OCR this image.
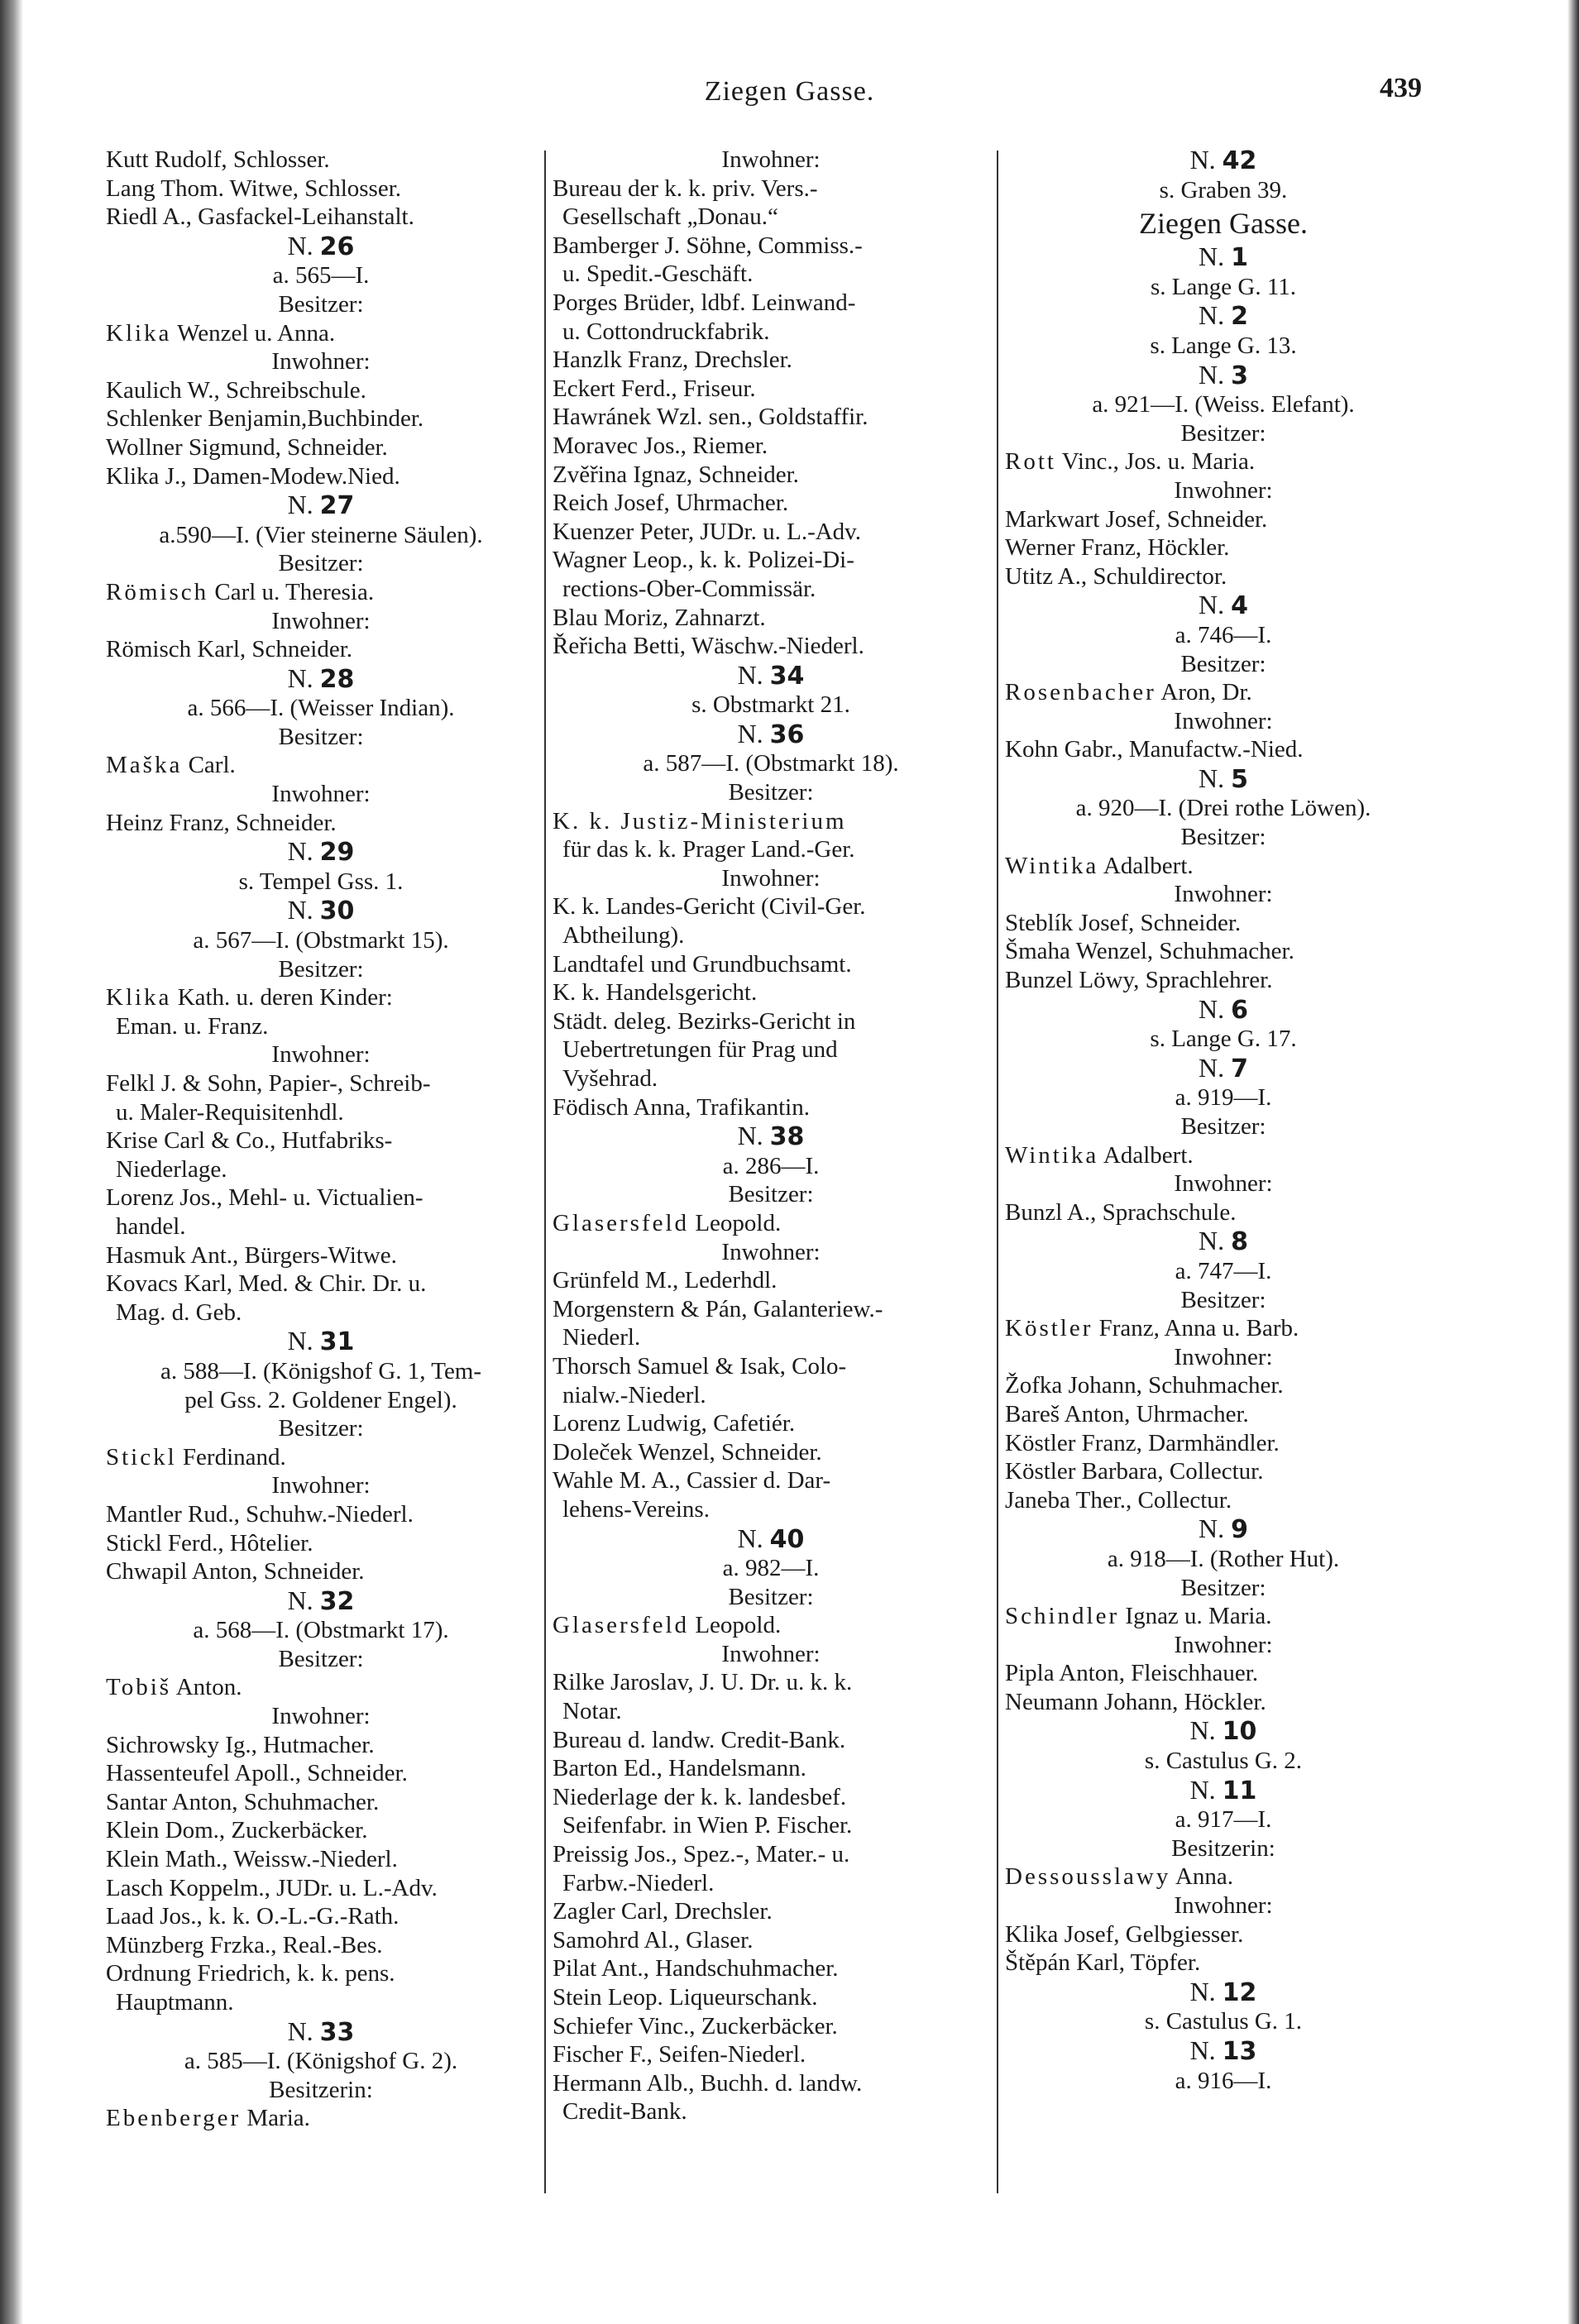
Ziegen Gasse.	439
Kutt Rudolf, Schlosser.
Lang Thom. Witwe, Schlosser.
Riedl A., Gasfackel-Leihanstalt.
N. 26
a. 565—I.
Besitzer:
Klika Wenzel u. Anna.
Inwohner:
Kaulich W., Schreibschule.
Schlenker Benjamin,Buchbinder.
Wollner Sigmund, Schneider.
Klika J., Damen-Modew.Nied.
N. 27
a.590—I. (Vier steinerne Säulen).
Besitzer:
Römisch Carl u. Theresia.
Inwohner:
Römisch Karl, Schneider.
N. 28
a. 566—I. (Weisser Indian).
Besitzer:
Maška Carl.
Inwohner:
Heinz Franz, Schneider.
N. 29
s. Tempel Gss. 1.
N. 30
a. 567—I. (Obstmarkt 15).
Besitzer:
Klika Kath. u. deren Kinder:
Eman. u. Franz.
Inwohner:
Felkl J. & Sohn, Papier-, Schreib-
u. Maler-Requisitenhdl.
Krise Carl & Co., Hutfabriks-
Niederlage.
Lorenz Jos., Mehl- u. Victualien-
handel.
Hasmuk Ant., Bürgers-Witwe.
Kovacs Karl, Med. & Chir. Dr. u.
Mag. d. Geb.
N. 31
a. 588—I. (Königshof G. 1, Tem-
pel Gss. 2. Goldener Engel).
Besitzer:
Stickl Ferdinand.
Inwohner:
Mantler Rud., Schuhw.-Niederl.
Stickl Ferd., Hôtelier.
Chwapil Anton, Schneider.
N. 32
a. 568—I. (Obstmarkt 17).
Besitzer:
Tobiš Anton.
Inwohner:
Sichrowsky Ig., Hutmacher.
Hassenteufel Apoll., Schneider.
Santar Anton, Schuhmacher.
Klein Dom., Zuckerbäcker.
Klein Math., Weissw.-Niederl.
Lasch Koppelm., JUDr. u. L.-Adv.
Laad Jos., k. k. O.-L.-G.-Rath.
Münzberg Frzka., Real.-Bes.
Ordnung Friedrich, k. k. pens.
Hauptmann.
N. 33
a. 585—I. (Königshof G. 2).
Besitzerin:
Ebenberger Maria.
Inwohner:
Bureau der k. k. priv. Vers.-
Gesellschaft „Donau.“
Bamberger J. Söhne, Commiss.-
u. Spedit.-Geschäft.
Porges Brüder, ldbf. Leinwand-
u. Cottondruckfabrik.
Hanzlk Franz, Drechsler.
Eckert Ferd., Friseur.
Hawránek Wzl. sen., Goldstaffir.
Moravec Jos., Riemer.
Zvěřina Ignaz, Schneider.
Reich Josef, Uhrmacher.
Kuenzer Peter, JUDr. u. L.-Adv.
Wagner Leop., k. k. Polizei-Di-
rections-Ober-Commissär.
Blau Moriz, Zahnarzt.
Řeřicha Betti, Wäschw.-Niederl.
N. 34
s. Obstmarkt 21.
N. 36
a. 587—I. (Obstmarkt 18).
Besitzer:
K. k. Justiz-Ministerium
für das k. k. Prager Land.-Ger.
Inwohner:
K. k. Landes-Gericht (Civil-Ger.
Abtheilung).
Landtafel und Grundbuchsamt.
K. k. Handelsgericht.
Städt. deleg. Bezirks-Gericht in
Uebertretungen für Prag und
Vyšehrad.
Födisch Anna, Trafikantin.
N. 38
a. 286—I.
Besitzer:
Glasersfeld Leopold.
Inwohner:
Grünfeld M., Lederhdl.
Morgenstern & Pán, Galanteriew.-
Niederl.
Thorsch Samuel & Isak, Colo-
nialw.-Niederl.
Lorenz Ludwig, Cafetiér.
Doleček Wenzel, Schneider.
Wahle M. A., Cassier d. Dar-
lehens-Vereins.
N. 40
a. 982—I.
Besitzer:
Glasersfeld Leopold.
Inwohner:
Rilke Jaroslav, J. U. Dr. u. k. k.
Notar.
Bureau d. landw. Credit-Bank.
Barton Ed., Handelsmann.
Niederlage der k. k. landesbef.
Seifenfabr. in Wien P. Fischer.
Preissig Jos., Spez.-, Mater.- u.
Farbw.-Niederl.
Zagler Carl, Drechsler.
Samohrd Al., Glaser.
Pilat Ant., Handschuhmacher.
Stein Leop. Liqueurschank.
Schiefer Vinc., Zuckerbäcker.
Fischer F., Seifen-Niederl.
Hermann Alb., Buchh. d. landw.
Credit-Bank.
N. 42
s. Graben 39.
Ziegen Gasse.
N. 1
s. Lange G. 11.
N. 2
s. Lange G. 13.
N. 3
a. 921—I. (Weiss. Elefant).
Besitzer:
Rott Vinc., Jos. u. Maria.
Inwohner:
Markwart Josef, Schneider.
Werner Franz, Höckler.
Utitz A., Schuldirector.
N. 4
a. 746—I.
Besitzer:
Rosenbacher Aron, Dr.
Inwohner:
Kohn Gabr., Manufactw.-Nied.
N. 5
a. 920—I. (Drei rothe Löwen).
Besitzer:
Wintika Adalbert.
Inwohner:
Steblík Josef, Schneider.
Šmaha Wenzel, Schuhmacher.
Bunzel Löwy, Sprachlehrer.
N. 6
s. Lange G. 17.
N. 7
a. 919—I.
Besitzer:
Wintika Adalbert.
Inwohner:
Bunzl A., Sprachschule.
N. 8
a. 747—I.
Besitzer:
Köstler Franz, Anna u. Barb.
Inwohner:
Žofka Johann, Schuhmacher.
Bareš Anton, Uhrmacher.
Köstler Franz, Darmhändler.
Köstler Barbara, Collectur.
Janeba Ther., Collectur.
N. 9
a. 918—I. (Rother Hut).
Besitzer:
Schindler Ignaz u. Maria.
Inwohner:
Pipla Anton, Fleischhauer.
Neumann Johann, Höckler.
N. 10
s. Castulus G. 2.
N. 11
a. 917—I.
Besitzerin:
Dessousslawy Anna.
Inwohner:
Klika Josef, Gelbgiesser.
Štěpán Karl, Töpfer.
N. 12
s. Castulus G. 1.
N. 13
a. 916—I.
